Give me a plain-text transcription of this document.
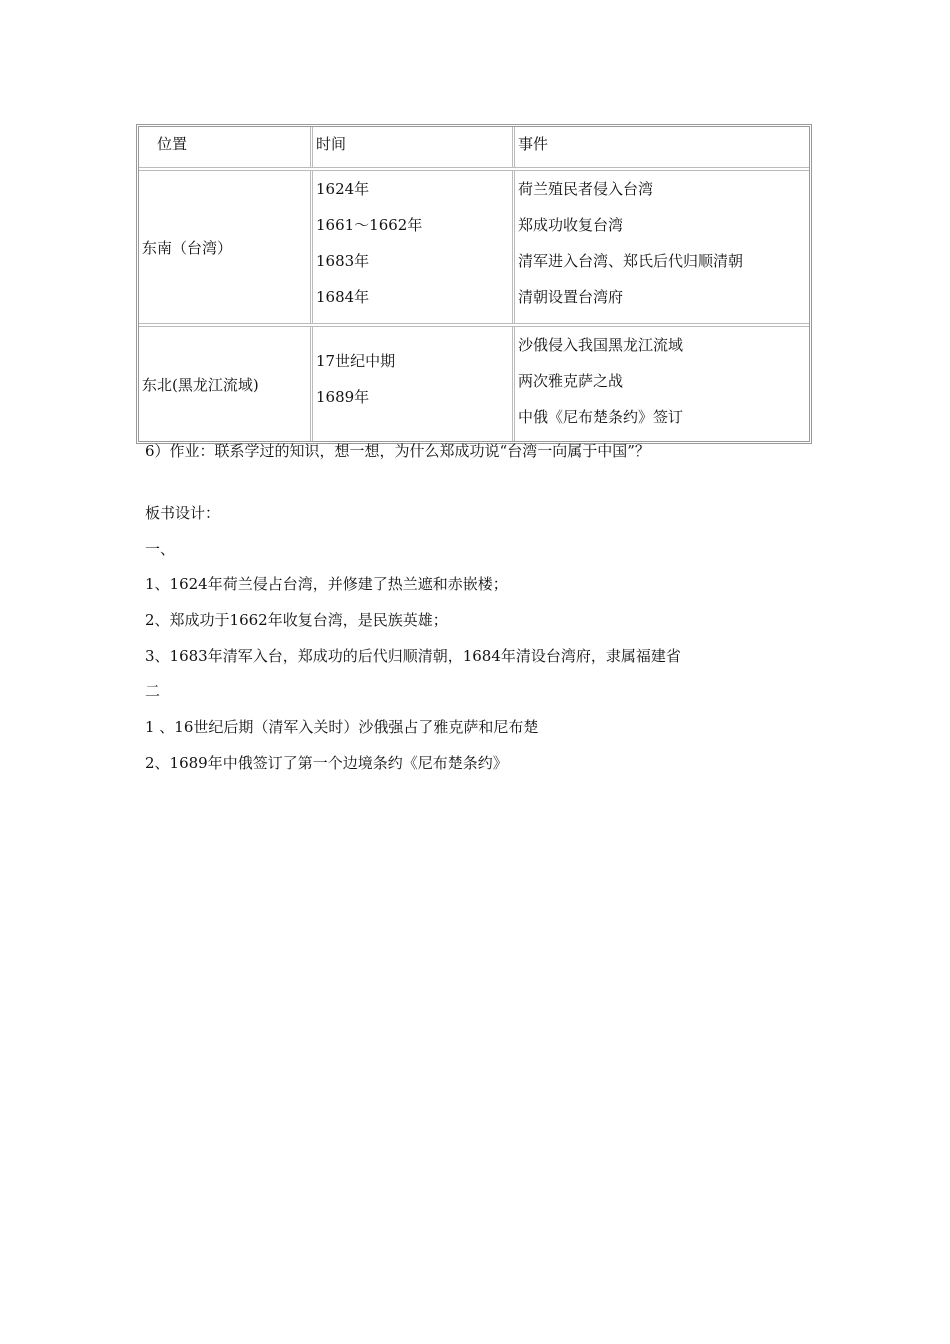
位置	时间	事件
东南（台湾）
1624年
1661～1662年
1683年
1684年
荷兰殖民者侵入台湾
郑成功收复台湾
清军进入台湾、郑氏后代归顺清朝
清朝设置台湾府
东北(黑龙江流域)
17世纪中期
1689年
沙俄侵入我国黑龙江流域
两次雅克萨之战
中俄《尼布楚条约》签订
6）作业：联系学过的知识，想一想，为什么郑成功说“台湾一向属于中国”？
板书设计：
一、
1、1624年荷兰侵占台湾，并修建了热兰遮和赤嵌楼；
2、郑成功于1662年收复台湾，是民族英雄；
3、1683年清军入台，郑成功的后代归顺清朝，1684年清设台湾府，隶属福建省
二
1 、16世纪后期（清军入关时）沙俄强占了雅克萨和尼布楚
2、1689年中俄签订了第一个边境条约《尼布楚条约》
